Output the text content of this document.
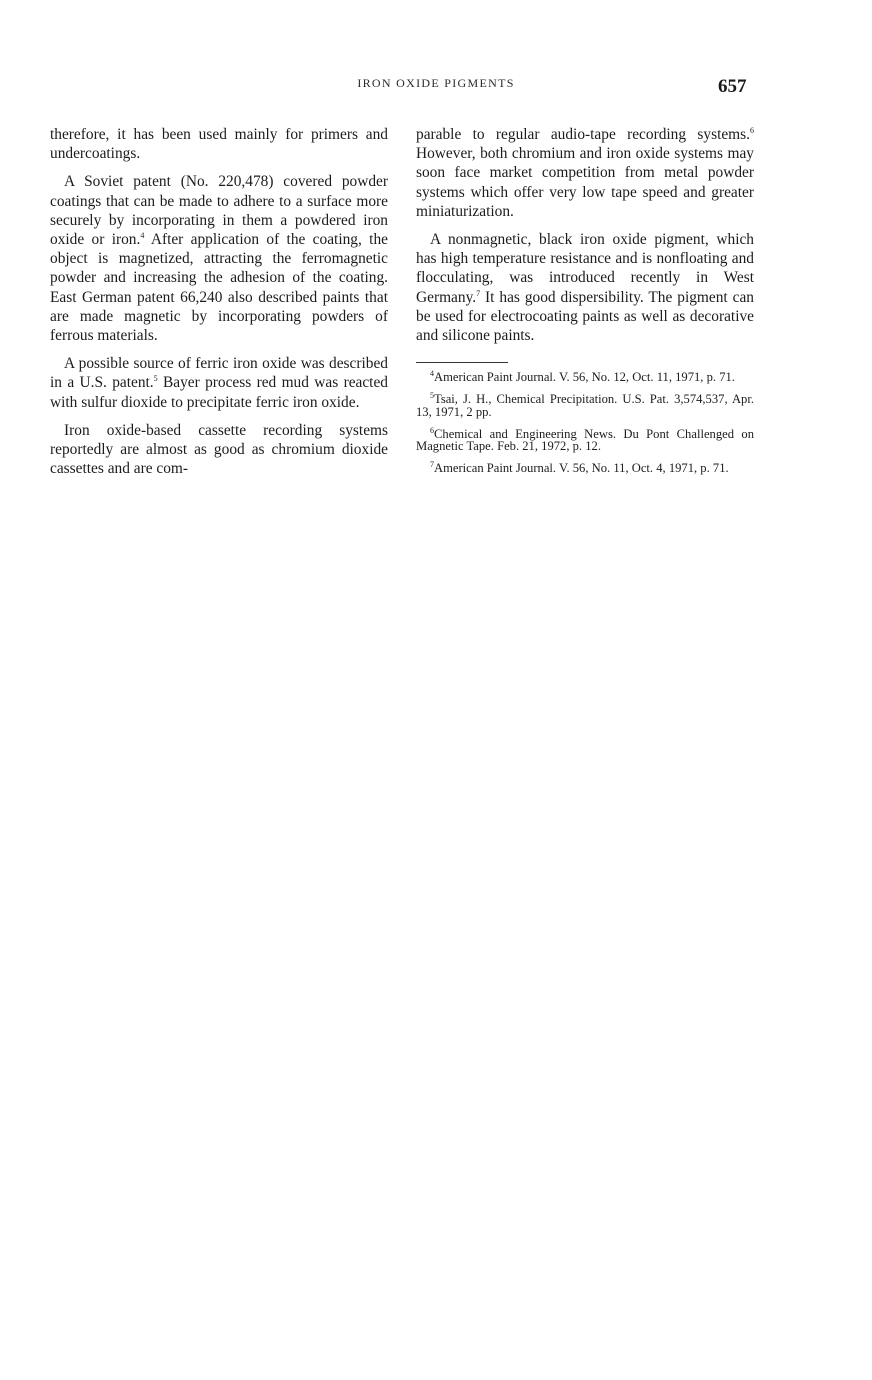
IRON OXIDE PIGMENTS	657

therefore, it has been used mainly for primers and undercoatings.

A Soviet patent (No. 220,478) covered powder coatings that can be made to adhere to a surface more securely by incorporating in them a powdered iron oxide or iron.$^4$ After application of the coating, the object is magnetized, attracting the ferromagnetic powder and increasing the adhesion of the coating. East German patent 66,240 also described paints that are made magnetic by incorporating powders of ferrous materials.

A possible source of ferric iron oxide was described in a U.S. patent.$^5$ Bayer process red mud was reacted with sulfur dioxide to precipitate ferric iron oxide.

Iron oxide-based cassette recording systems reportedly are almost as good as chromium dioxide cassettes and are com-

parable to regular audio-tape recording systems.$^6$ However, both chromium and iron oxide systems may soon face market competition from metal powder systems which offer very low tape speed and greater miniaturization.

A nonmagnetic, black iron oxide pigment, which has high temperature resistance and is nonfloating and flocculating, was introduced recently in West Germany.$^7$ It has good dispersibility. The pigment can be used for electrocoating paints as well as decorative and silicone paints.

$^4$American Paint Journal. V. 56, No. 12, Oct. 11, 1971, p. 71.

$^5$Tsai, J. H., Chemical Precipitation. U.S. Pat. 3,574,537, Apr. 13, 1971, 2 pp.

$^6$Chemical and Engineering News. Du Pont Challenged on Magnetic Tape. Feb. 21, 1972, p. 12.

$^7$American Paint Journal. V. 56, No. 11, Oct. 4, 1971, p. 71.
